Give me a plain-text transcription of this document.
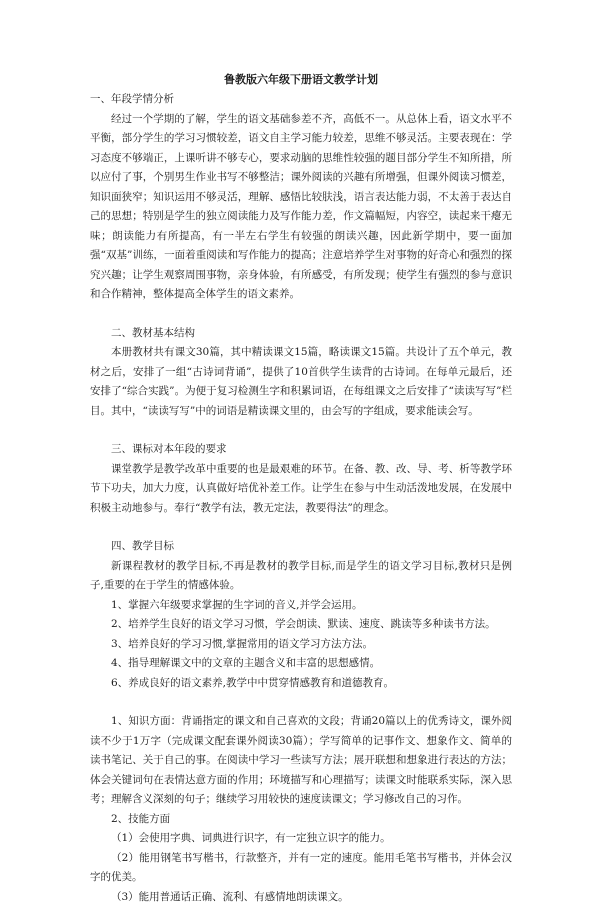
鲁教版六年级下册语文教学计划

一、年段学情分析

经过一个学期的了解，学生的语文基础参差不齐，高低不一。从总体上看，语文水平不平衡，部分学生的学习习惯较差，语文自主学习能力较差，思维不够灵活。主要表现在：学习态度不够端正，上课听讲不够专心，要求动脑的思维性较强的题目部分学生不知所措，所以应付了事，个别男生作业书写不够整洁；课外阅读的兴趣有所增强，但课外阅读习惯差，知识面狭窄；知识运用不够灵活，理解、感悟比较肤浅，语言表达能力弱，不太善于表达自己的思想；特别是学生的独立阅读能力及写作能力差，作文篇幅短，内容空，读起来干瘪无味；朗读能力有所提高，有一半左右学生有较强的朗读兴趣，因此新学期中，要一面加强“双基”训练，一面着重阅读和写作能力的提高；注意培养学生对事物的好奇心和强烈的探究兴趣；让学生观察周围事物，亲身体验，有所感受，有所发现；使学生有强烈的参与意识和合作精神，整体提高全体学生的语文素养。

二、教材基本结构

本册教材共有课文30篇，其中精读课文15篇，略读课文15篇。共设计了五个单元，教材之后，安排了一组“古诗词背诵”，提供了10首供学生读背的古诗词。在每单元最后，还安排了“综合实践”。为便于复习检测生字和积累词语，在每组课文之后安排了“读读写写”栏目。其中，“读读写写”中的词语是精读课文里的，由会写的字组成，要求能读会写。

三、课标对本年段的要求

课堂教学是教学改革中重要的也是最艰难的环节。在备、教、改、导、考、析等教学环节下功夫，加大力度，认真做好培优补差工作。让学生在参与中生动活泼地发展，在发展中积极主动地参与。奉行“教学有法，教无定法，教要得法”的理念。

四、教学目标

新课程教材的教学目标,不再是教材的教学目标,而是学生的语文学习目标,教材只是例子,重要的在于学生的情感体验。

1、掌握六年级要求掌握的生字词的音义,并学会运用。

2、培养学生良好的语文学习习惯，学会朗读、默读、速度、跳读等多种读书方法。

3、培养良好的学习习惯,掌握常用的语文学习方法方法。

4、指导理解课文中的文章的主题含义和丰富的思想感情。

6、养成良好的语文素养,教学中中贯穿情感教育和道德教育。

1、知识方面：背诵指定的课文和自己喜欢的文段；背诵20篇以上的优秀诗文，课外阅读不少于1万字（完成课文配套课外阅读30篇）；学写简单的记事作文、想象作文、简单的读书笔记、关于自己的事。在阅读中学习一些读写方法；展开联想和想象进行表达的方法；体会关键词句在表情达意方面的作用；环境描写和心理描写；读课文时能联系实际，深入思考；理解含义深刻的句子；继续学习用较快的速度读课文；学习修改自己的习作。

2、技能方面

（1）会使用字典、词典进行识字，有一定独立识字的能力。

（2）能用钢笔书写楷书，行款整齐，并有一定的速度。能用毛笔书写楷书，并体会汉字的优美。

（3）能用普通话正确、流利、有感情地朗读课文。
